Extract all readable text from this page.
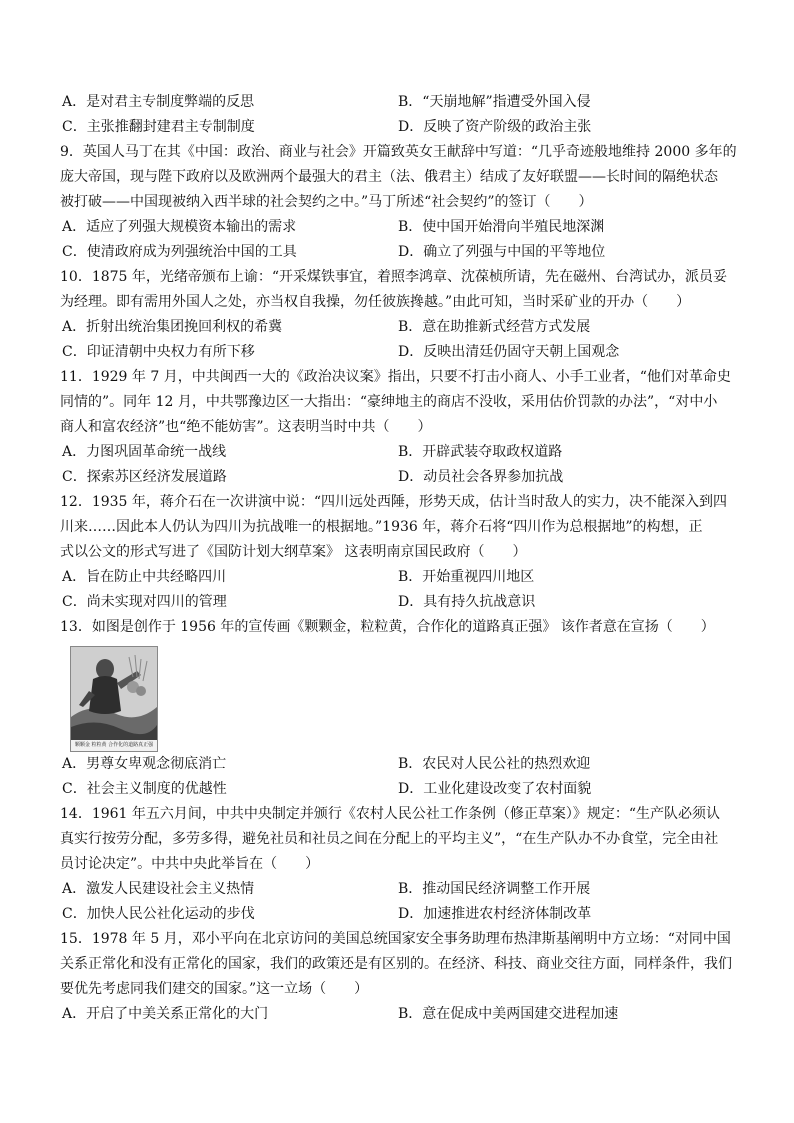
A．是对君主专制度弊端的反思	B．“天崩地解”指遭受外国入侵
C．主张推翻封建君主专制制度	D．反映了资产阶级的政治主张
9．英国人马丁在其《中国：政治、商业与社会》开篇致英女王献辞中写道：“几乎奇迹般地维持 2000 多年的
庞大帝国，现与陛下政府以及欧洲两个最强大的君主（法、俄君主）结成了友好联盟——长时间的隔绝状态
被打破——中国现被纳入西半球的社会契约之中。”马丁所述“社会契约”的签订（　　）
A．适应了列强大规模资本输出的需求	B．使中国开始滑向半殖民地深渊
C．使清政府成为列强统治中国的工具	D．确立了列强与中国的平等地位
10．1875 年，光绪帝颁布上谕：“开采煤铁事宜，着照李鸿章、沈葆桢所请，先在磁州、台湾试办，派员妥
为经理。即有需用外国人之处，亦当权自我操，勿任彼族搀越。”由此可知，当时采矿业的开办（　　）
A．折射出统治集团挽回利权的希冀	B．意在助推新式经营方式发展
C．印证清朝中央权力有所下移	D．反映出清廷仍固守天朝上国观念
11．1929 年 7 月，中共闽西一大的《政治决议案》指出，只要不打击小商人、小手工业者，“他们对革命史
同情的”。同年 12 月，中共鄂豫边区一大指出：“豪绅地主的商店不没收，采用估价罚款的办法”，“对中小
商人和富农经济”也“绝不能妨害”。这表明当时中共（　　）
A．力图巩固革命统一战线	B．开辟武装夺取政权道路
C．探索苏区经济发展道路	D．动员社会各界参加抗战
12．1935 年，蒋介石在一次讲演中说：“四川远处西陲，形势天成，估计当时敌人的实力，决不能深入到四
川来……因此本人仍认为四川为抗战唯一的根据地。”1936 年，蒋介石将“四川作为总根据地”的构想，正
式以公文的形式写进了《国防计划大纲草案》 这表明南京国民政府（　　）
A．旨在防止中共经略四川	B．开始重视四川地区
C．尚未实现对四川的管理	D．具有持久抗战意识
13．如图是创作于 1956 年的宣传画《颗颗金，粒粒黄，合作化的道路真正强》 该作者意在宣扬（　　）
颗颗金 粒粒黄 合作化的道路真正强
A．男尊女卑观念彻底消亡	B．农民对人民公社的热烈欢迎
C．社会主义制度的优越性	D．工业化建设改变了农村面貌
14．1961 年五六月间，中共中央制定并颁行《农村人民公社工作条例（修正草案）》规定：“生产队必须认
真实行按劳分配，多劳多得，避免社员和社员之间在分配上的平均主义”，“在生产队办不办食堂，完全由社
员讨论决定”。中共中央此举旨在（　　）
A．激发人民建设社会主义热情	B．推动国民经济调整工作开展
C．加快人民公社化运动的步伐	D．加速推进农村经济体制改革
15．1978 年 5 月，邓小平向在北京访问的美国总统国家安全事务助理布热津斯基阐明中方立场：“对同中国
关系正常化和没有正常化的国家，我们的政策还是有区别的。在经济、科技、商业交往方面，同样条件，我们
要优先考虑同我们建交的国家。”这一立场（　　）
A．开启了中美关系正常化的大门	B．意在促成中美两国建交进程加速
